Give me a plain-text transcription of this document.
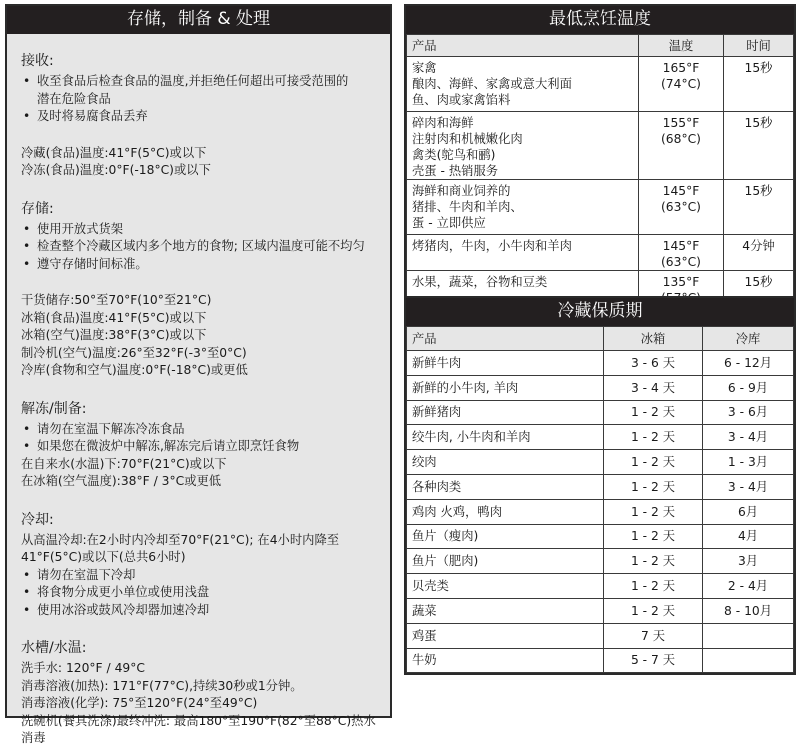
存储，制备 & 处理
接收:
• 收至食品后检查食品的温度,并拒绝任何超出可接受范围的
潜在危险食品
• 及时将易腐食品丢弃
冷藏(食品)温度:41°F(5°C)或以下
冷冻(食品)温度:0°F(-18°C)或以下
存储:
• 使用开放式货架
• 检查整个冷藏区域内多个地方的食物; 区域内温度可能不均匀
• 遵守存储时间标准。
干货储存:50°至70°F(10°至21°C)
冰箱(食品)温度:41°F(5°C)或以下
冰箱(空气)温度:38°F(3°C)或以下
制冷机(空气)温度:26°至32°F(-3°至0°C)
冷库(食物和空气)温度:0°F(-18°C)或更低
解冻/制备:
• 请勿在室温下解冻冷冻食品
• 如果您在微波炉中解冻,解冻完后请立即烹饪食物
在自来水(水温)下:70°F(21°C)或以下
在冰箱(空气温度):38°F / 3°C或更低
冷却:
从高温冷却:在2小时内冷却至70°F(21°C); 在4小时内降至
41°F(5°C)或以下(总共6小时)
• 请勿在室温下冷却
• 将食物分成更小单位或使用浅盘
• 使用冰浴或鼓风冷却器加速冷却
水槽/水温:
洗手水: 120°F / 49°C
消毒溶液(加热): 171°F(77°C),持续30秒或1分钟。
消毒溶液(化学): 75°至120°F(24°至49°C)
洗碗机(餐具洗涤)最终冲洗: 最高180°至190°F(82°至88°C)热水
消毒
最低烹饪温度
产品	温度	时间

家禽
酿肉、海鲜、家禽或意大利面
鱼、肉或家禽馅料	165°F (74°C)	15秒

碎肉和海鲜
注射肉和机械嫩化肉
禽类(鸵鸟和鹂)
壳蛋 - 热销服务	155°F (68°C)	15秒

海鲜和商业饲养的
猪排、牛肉和羊肉、
蛋 - 立即供应	145°F (63°C)	15秒
烤猪肉，牛肉，小牛肉和羊肉	145°F (63°C)	4分钟
水果，蔬菜，谷物和豆类	135°F	15秒
冷藏保质期
产品	冰箱	冷库
新鲜牛肉	3 - 6 天	6 - 12月
新鲜的小牛肉, 羊肉	3 - 4 天	6 - 9月
新鲜猪肉	1 - 2 天	3 - 6月
绞牛肉, 小牛肉和羊肉	1 - 2 天	3 - 4月
绞肉	1 - 2 天	1 - 3月
各种肉类	1 - 2 天	3 - 4月
鸡肉 火鸡，鸭肉	1 - 2 天	6月
鱼片（瘦肉)	1 - 2 天	4月
鱼片（肥肉)	1 - 2 天	3月
贝壳类	1 - 2 天	2 - 4月
蔬菜	1 - 2 天	8 - 10月
鸡蛋	7 天	
牛奶	5 - 7 天	
